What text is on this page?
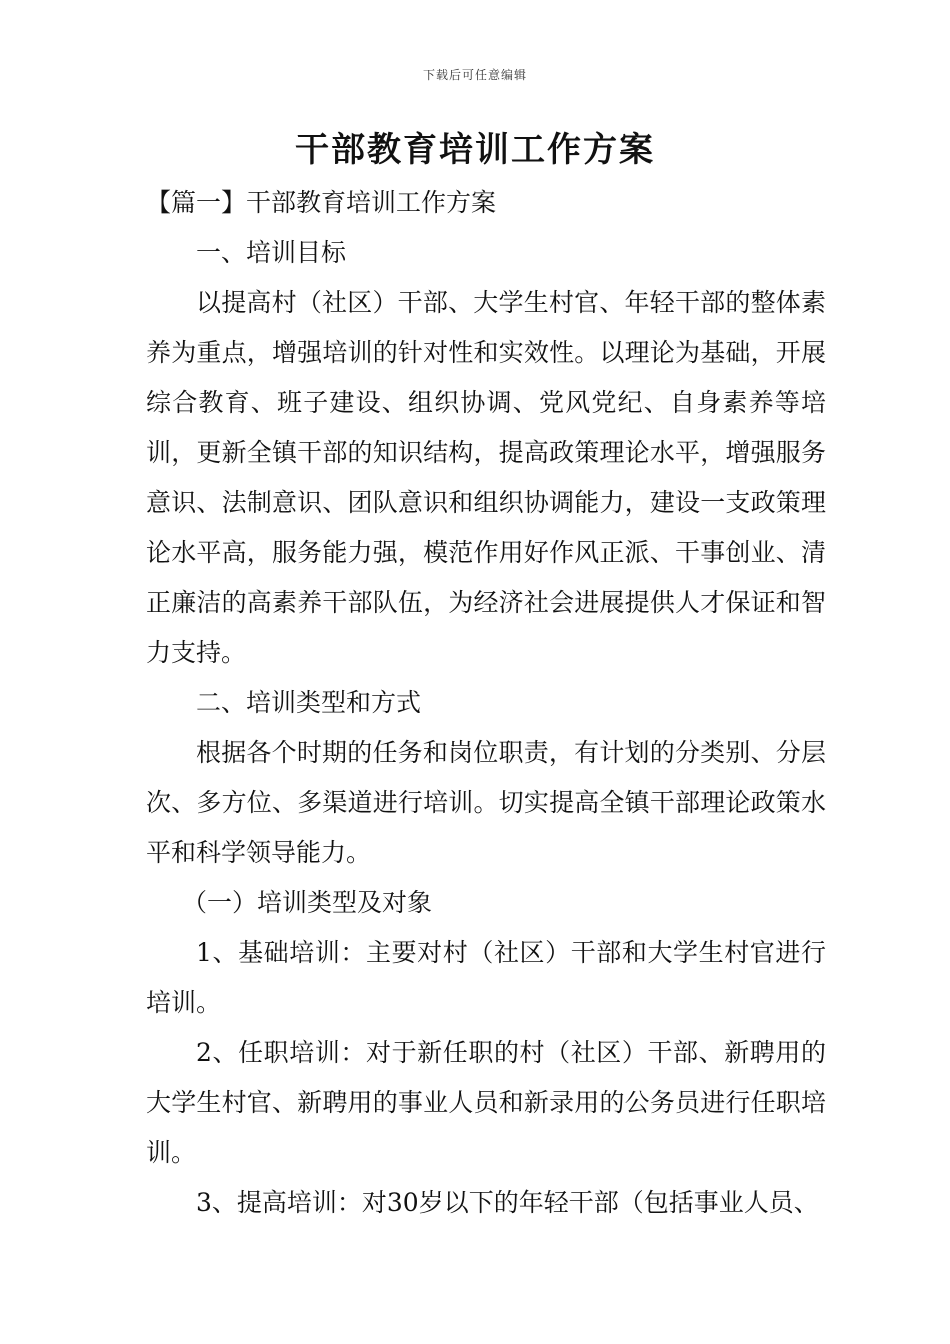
下载后可任意编辑
干部教育培训工作方案

【篇一】干部教育培训工作方案

一、培训目标

以提高村（社区）干部、大学生村官、年轻干部的整体素养为重点，增强培训的针对性和实效性。以理论为基础，开展综合教育、班子建设、组织协调、党风党纪、自身素养等培训，更新全镇干部的知识结构，提高政策理论水平，增强服务意识、法制意识、团队意识和组织协调能力，建设一支政策理论水平高，服务能力强，模范作用好作风正派、干事创业、清正廉洁的高素养干部队伍，为经济社会进展提供人才保证和智力支持。

二、培训类型和方式

根据各个时期的任务和岗位职责，有计划的分类别、分层次、多方位、多渠道进行培训。切实提高全镇干部理论政策水平和科学领导能力。

（一）培训类型及对象

1、基础培训：主要对村（社区）干部和大学生村官进行培训。

2、任职培训：对于新任职的村（社区）干部、新聘用的大学生村官、新聘用的事业人员和新录用的公务员进行任职培训。

3、提高培训：对30岁以下的年轻干部（包括事业人员、
